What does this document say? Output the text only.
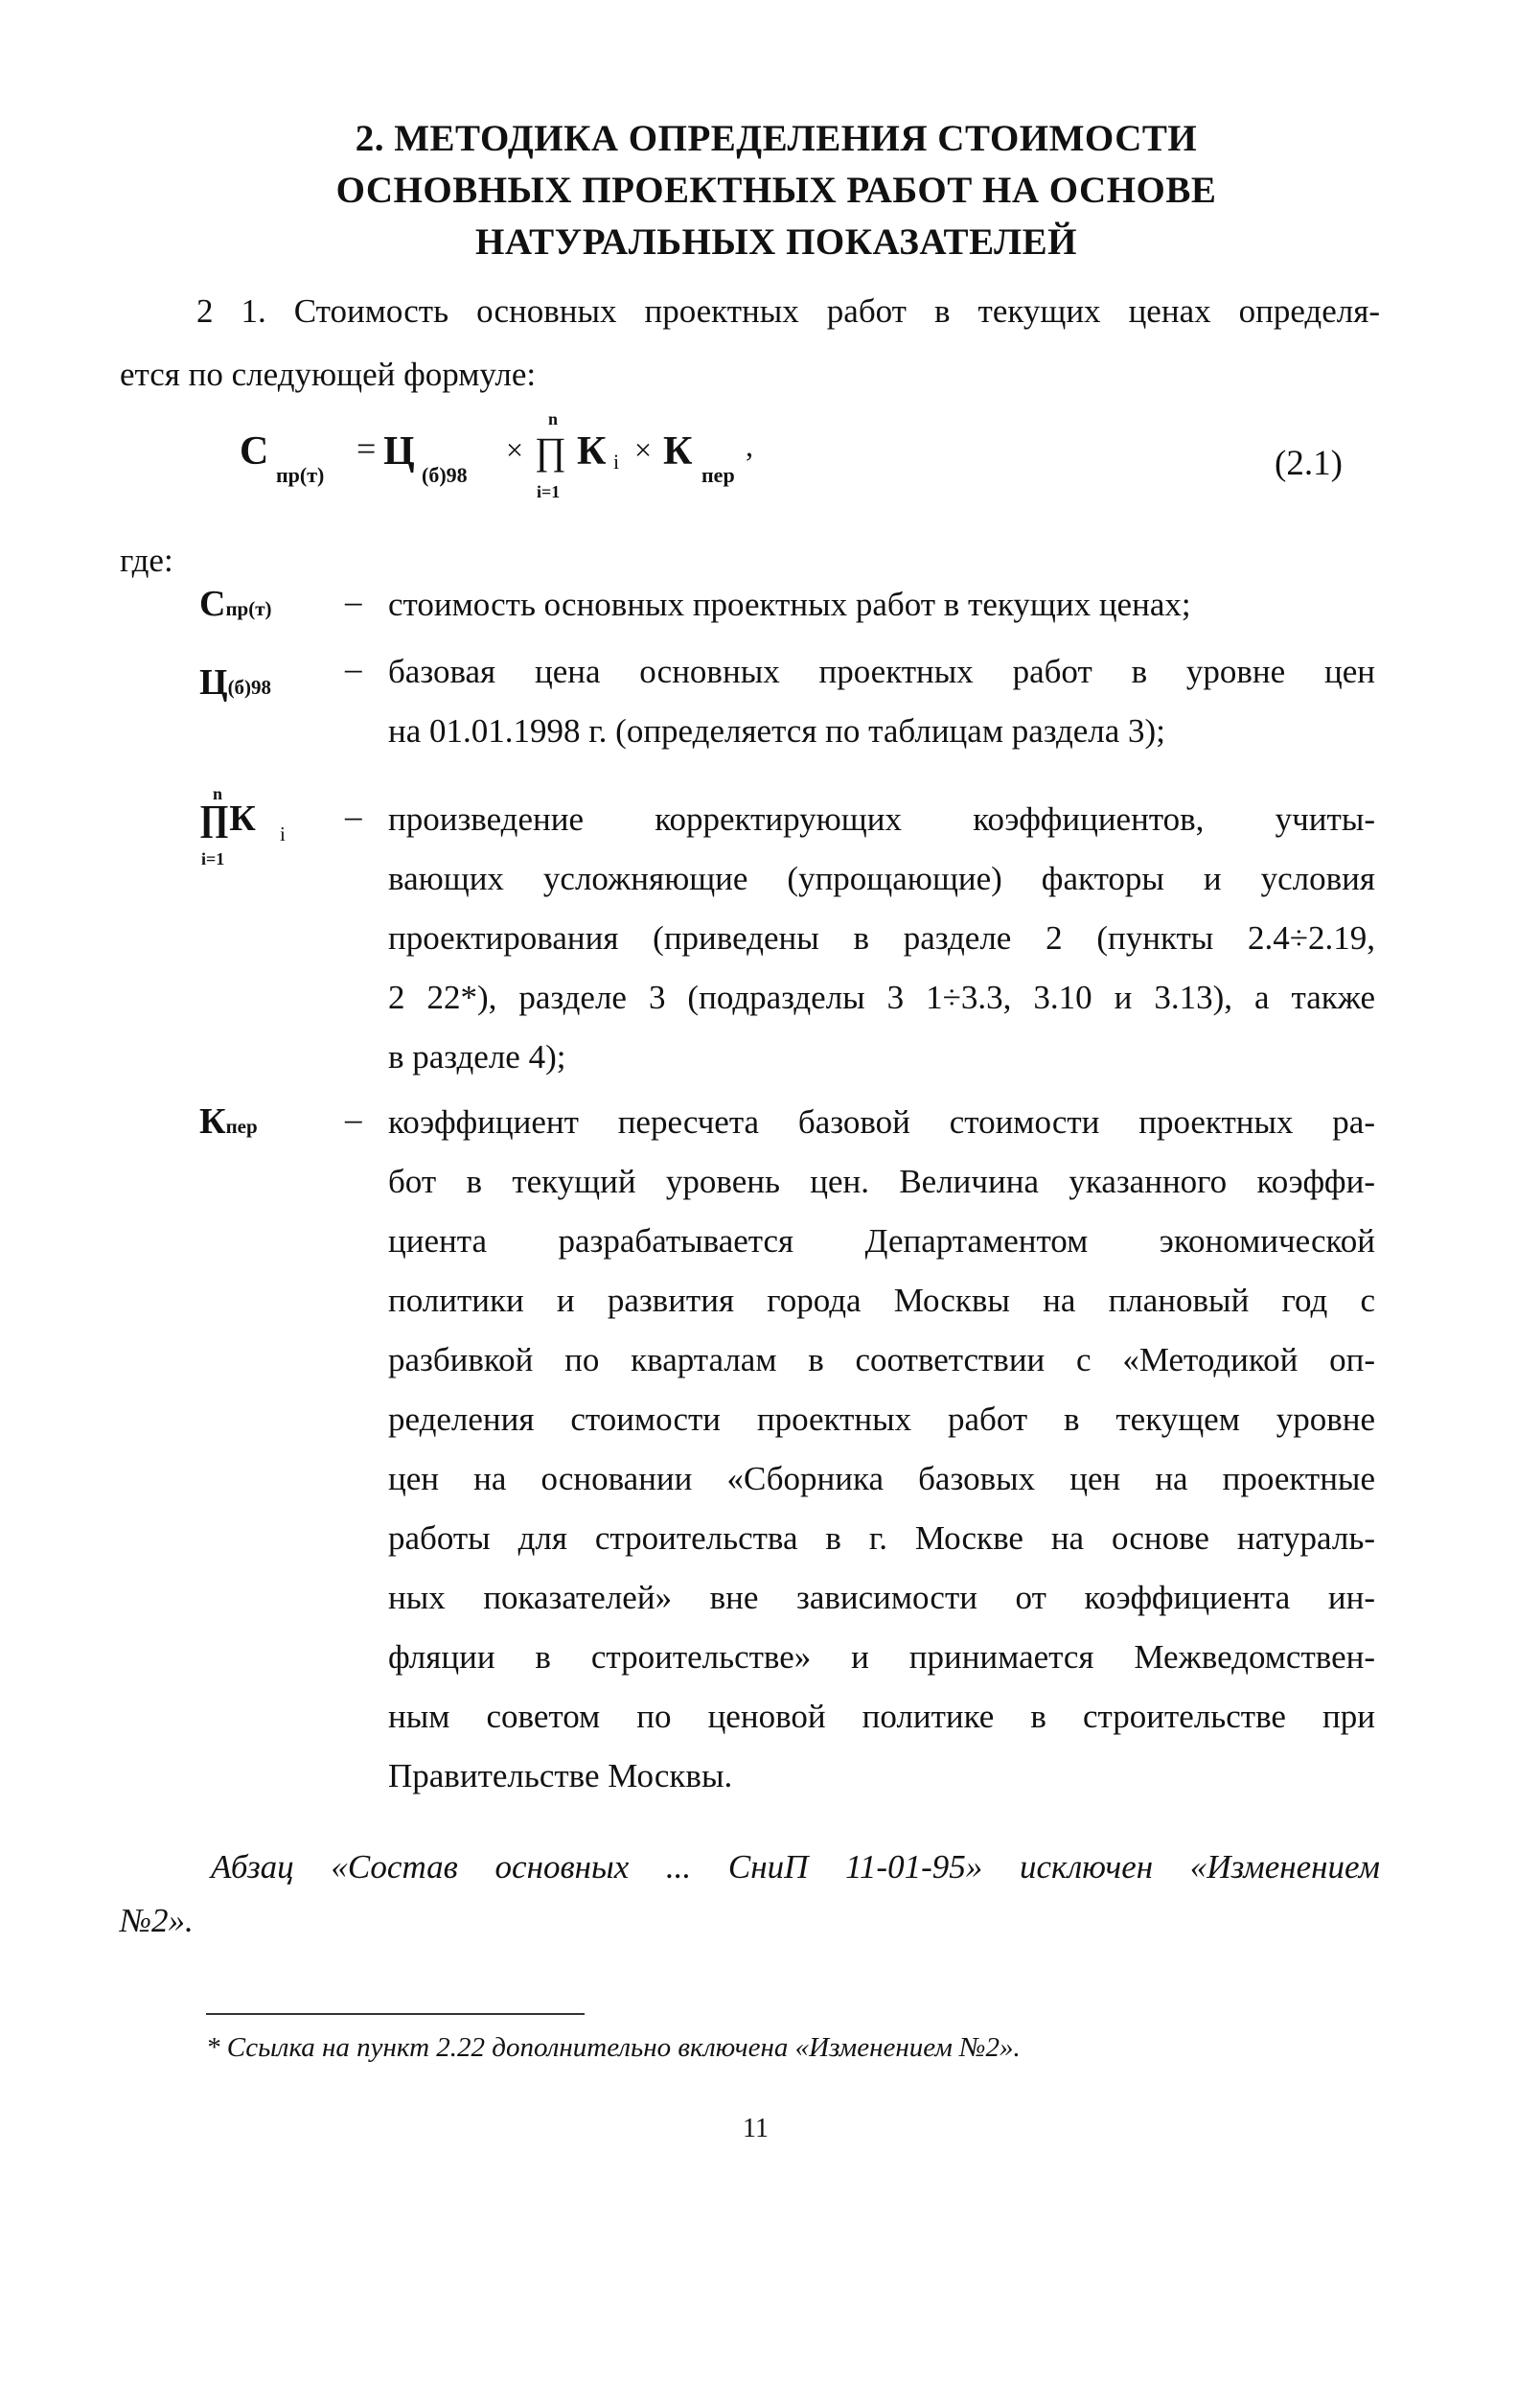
2. МЕТОДИКА ОПРЕДЕЛЕНИЯ СТОИМОСТИ
ОСНОВНЫХ ПРОЕКТНЫХ РАБОТ НА ОСНОВЕ
НАТУРАЛЬНЫХ ПОКАЗАТЕЛЕЙ
2 1. Стоимость основных проектных работ в текущих ценах определя-
ется по следующей формуле:
С
пр(т)
= Ц
(б)98
×
n
∏
i=1
К i × К
пер
,	(2.1)
где:
Спр(т) – стоимость основных проектных работ в текущих ценах;
Ц(б)98 – базовая цена основных проектных работ в уровне цен
на 01.01.1998 г. (определяется по таблицам раздела 3);
n
∏К i
i=1
– произведение корректирующих коэффициентов, учиты-
вающих усложняющие (упрощающие) факторы и условия
проектирования (приведены в разделе 2 (пункты 2.4÷2.19,
2 22*), разделе 3 (подразделы 3 1÷3.3, 3.10 и 3.13), а также
в разделе 4);
Кпер	– коэффициент пересчета базовой стоимости проектных ра-
бот в текущий уровень цен. Величина указанного коэффи-
циента разрабатывается Департаментом экономической
политики и развития города Москвы на плановый год с
разбивкой по кварталам в соответствии с «Методикой оп-
ределения стоимости проектных работ в текущем уровне
цен на основании «Сборника базовых цен на проектные
работы для строительства в г. Москве на основе натураль-
ных показателей» вне зависимости от коэффициента ин-
фляции в строительстве» и принимается Межведомствен-
ным советом по ценовой политике в строительстве при
Правительстве Москвы.
Абзац «Состав основных ... СниП 11-01-95» исключен «Изменением
№2».
* Ссылка на пункт 2.22 дополнительно включена «Изменением №2».
11
